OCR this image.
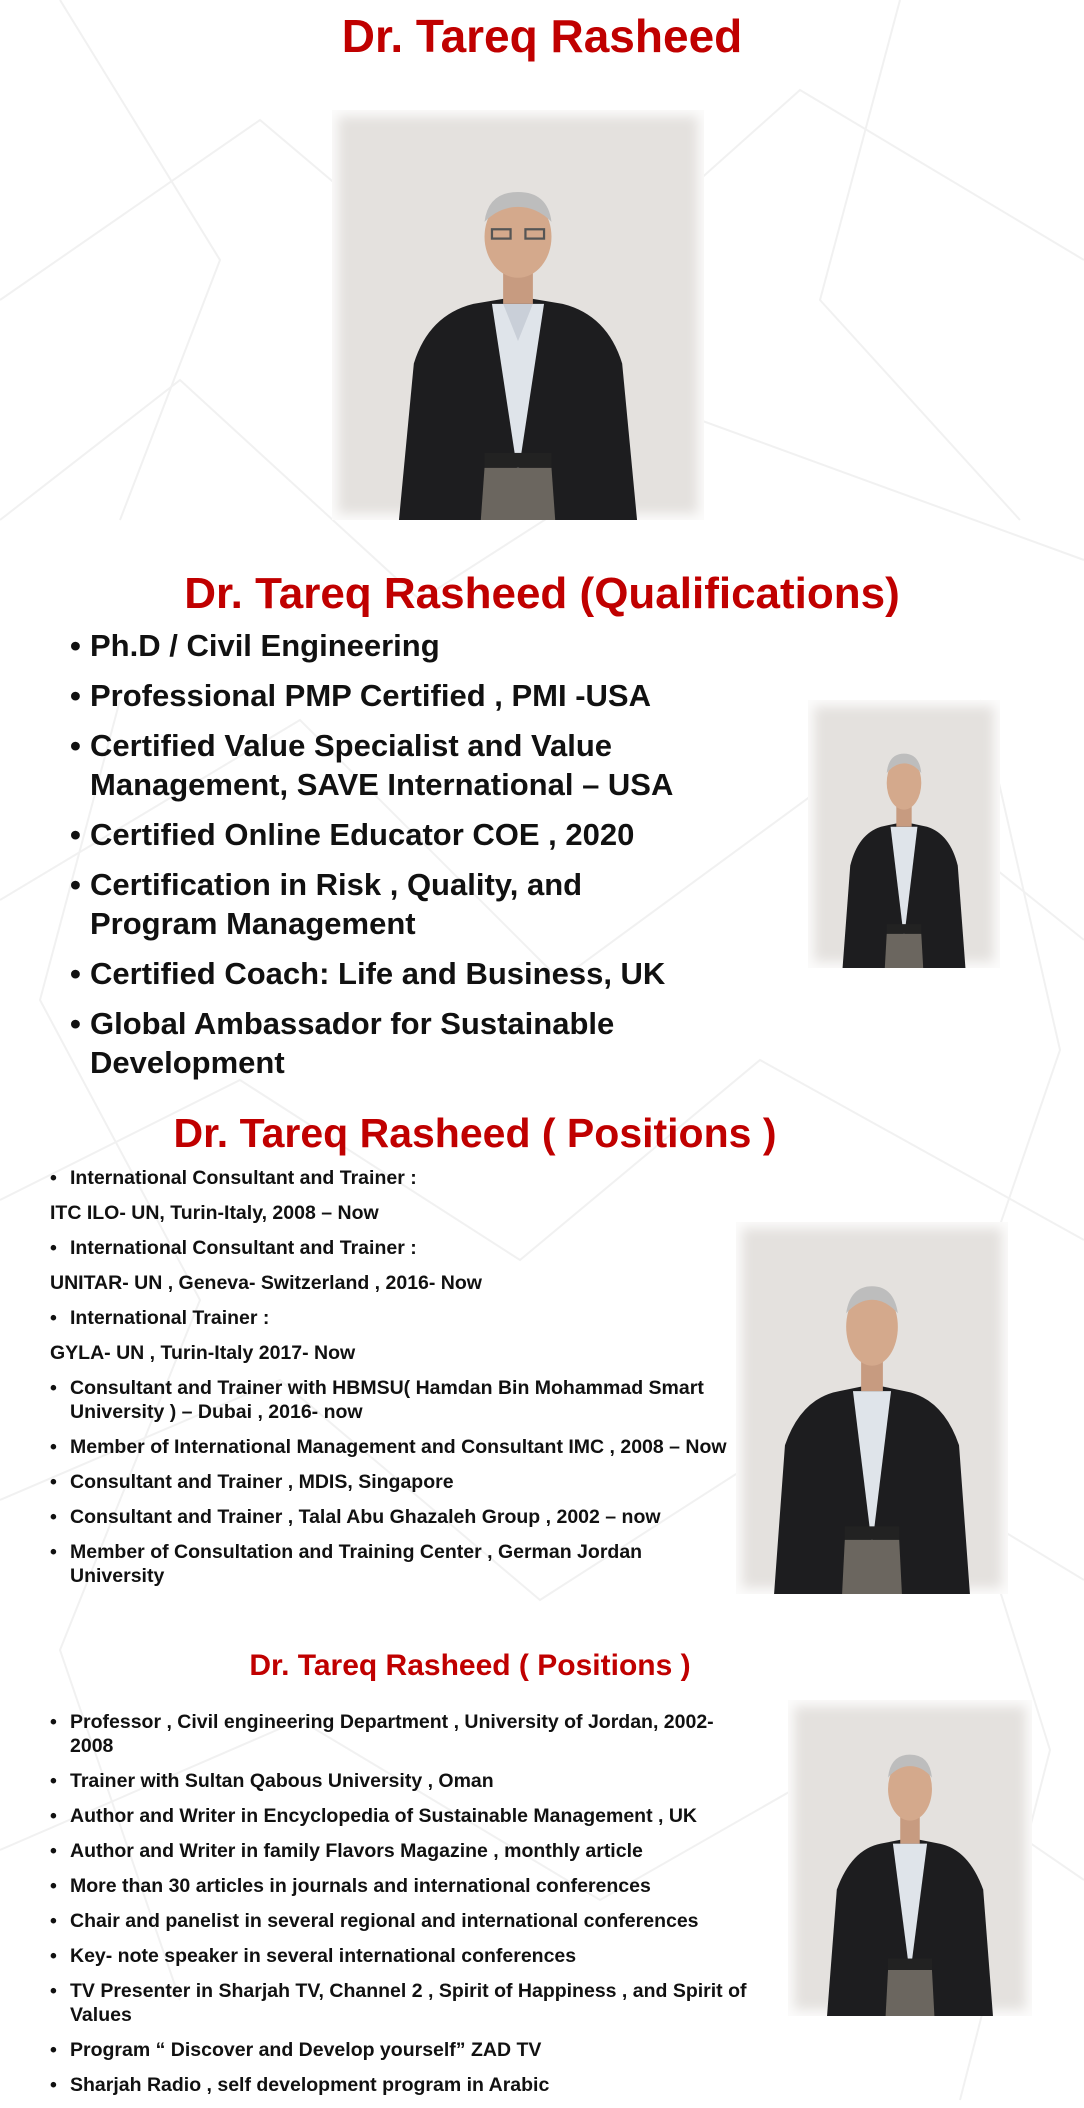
Dr. Tareq Rasheed
Dr. Tareq Rasheed (Qualifications)
• Ph.D / Civil Engineering
• Professional PMP Certified , PMI -USA
• Certified Value Specialist and Value Management, SAVE International – USA
• Certified Online Educator COE , 2020
• Certification in Risk , Quality, and Program Management
• Certified Coach: Life and Business, UK
• Global Ambassador for Sustainable Development
Dr. Tareq Rasheed ( Positions )
• International Consultant and Trainer :
ITC ILO- UN, Turin-Italy, 2008 – Now
• International Consultant and Trainer :
UNITAR- UN , Geneva- Switzerland , 2016- Now
• International Trainer :
GYLA- UN , Turin-Italy 2017- Now
• Consultant and Trainer with HBMSU( Hamdan Bin Mohammad Smart University ) – Dubai , 2016- now
• Member of International Management and Consultant IMC , 2008 – Now
• Consultant and Trainer , MDIS, Singapore
• Consultant and Trainer , Talal Abu Ghazaleh Group , 2002 – now
• Member of Consultation and Training Center , German Jordan University
Dr. Tareq Rasheed ( Positions )
• Professor , Civil engineering Department , University of Jordan, 2002-2008
• Trainer with Sultan Qabous University , Oman
• Author and Writer in Encyclopedia of Sustainable Management , UK
• Author and Writer in family Flavors Magazine , monthly article
• More than 30 articles in journals and international conferences
• Chair and panelist in several regional and international conferences
• Key- note speaker in several international conferences
• TV Presenter in Sharjah TV, Channel 2 , Spirit of Happiness , and Spirit of Values
• Program “ Discover and Develop yourself” ZAD TV
• Sharjah Radio , self development program in Arabic
